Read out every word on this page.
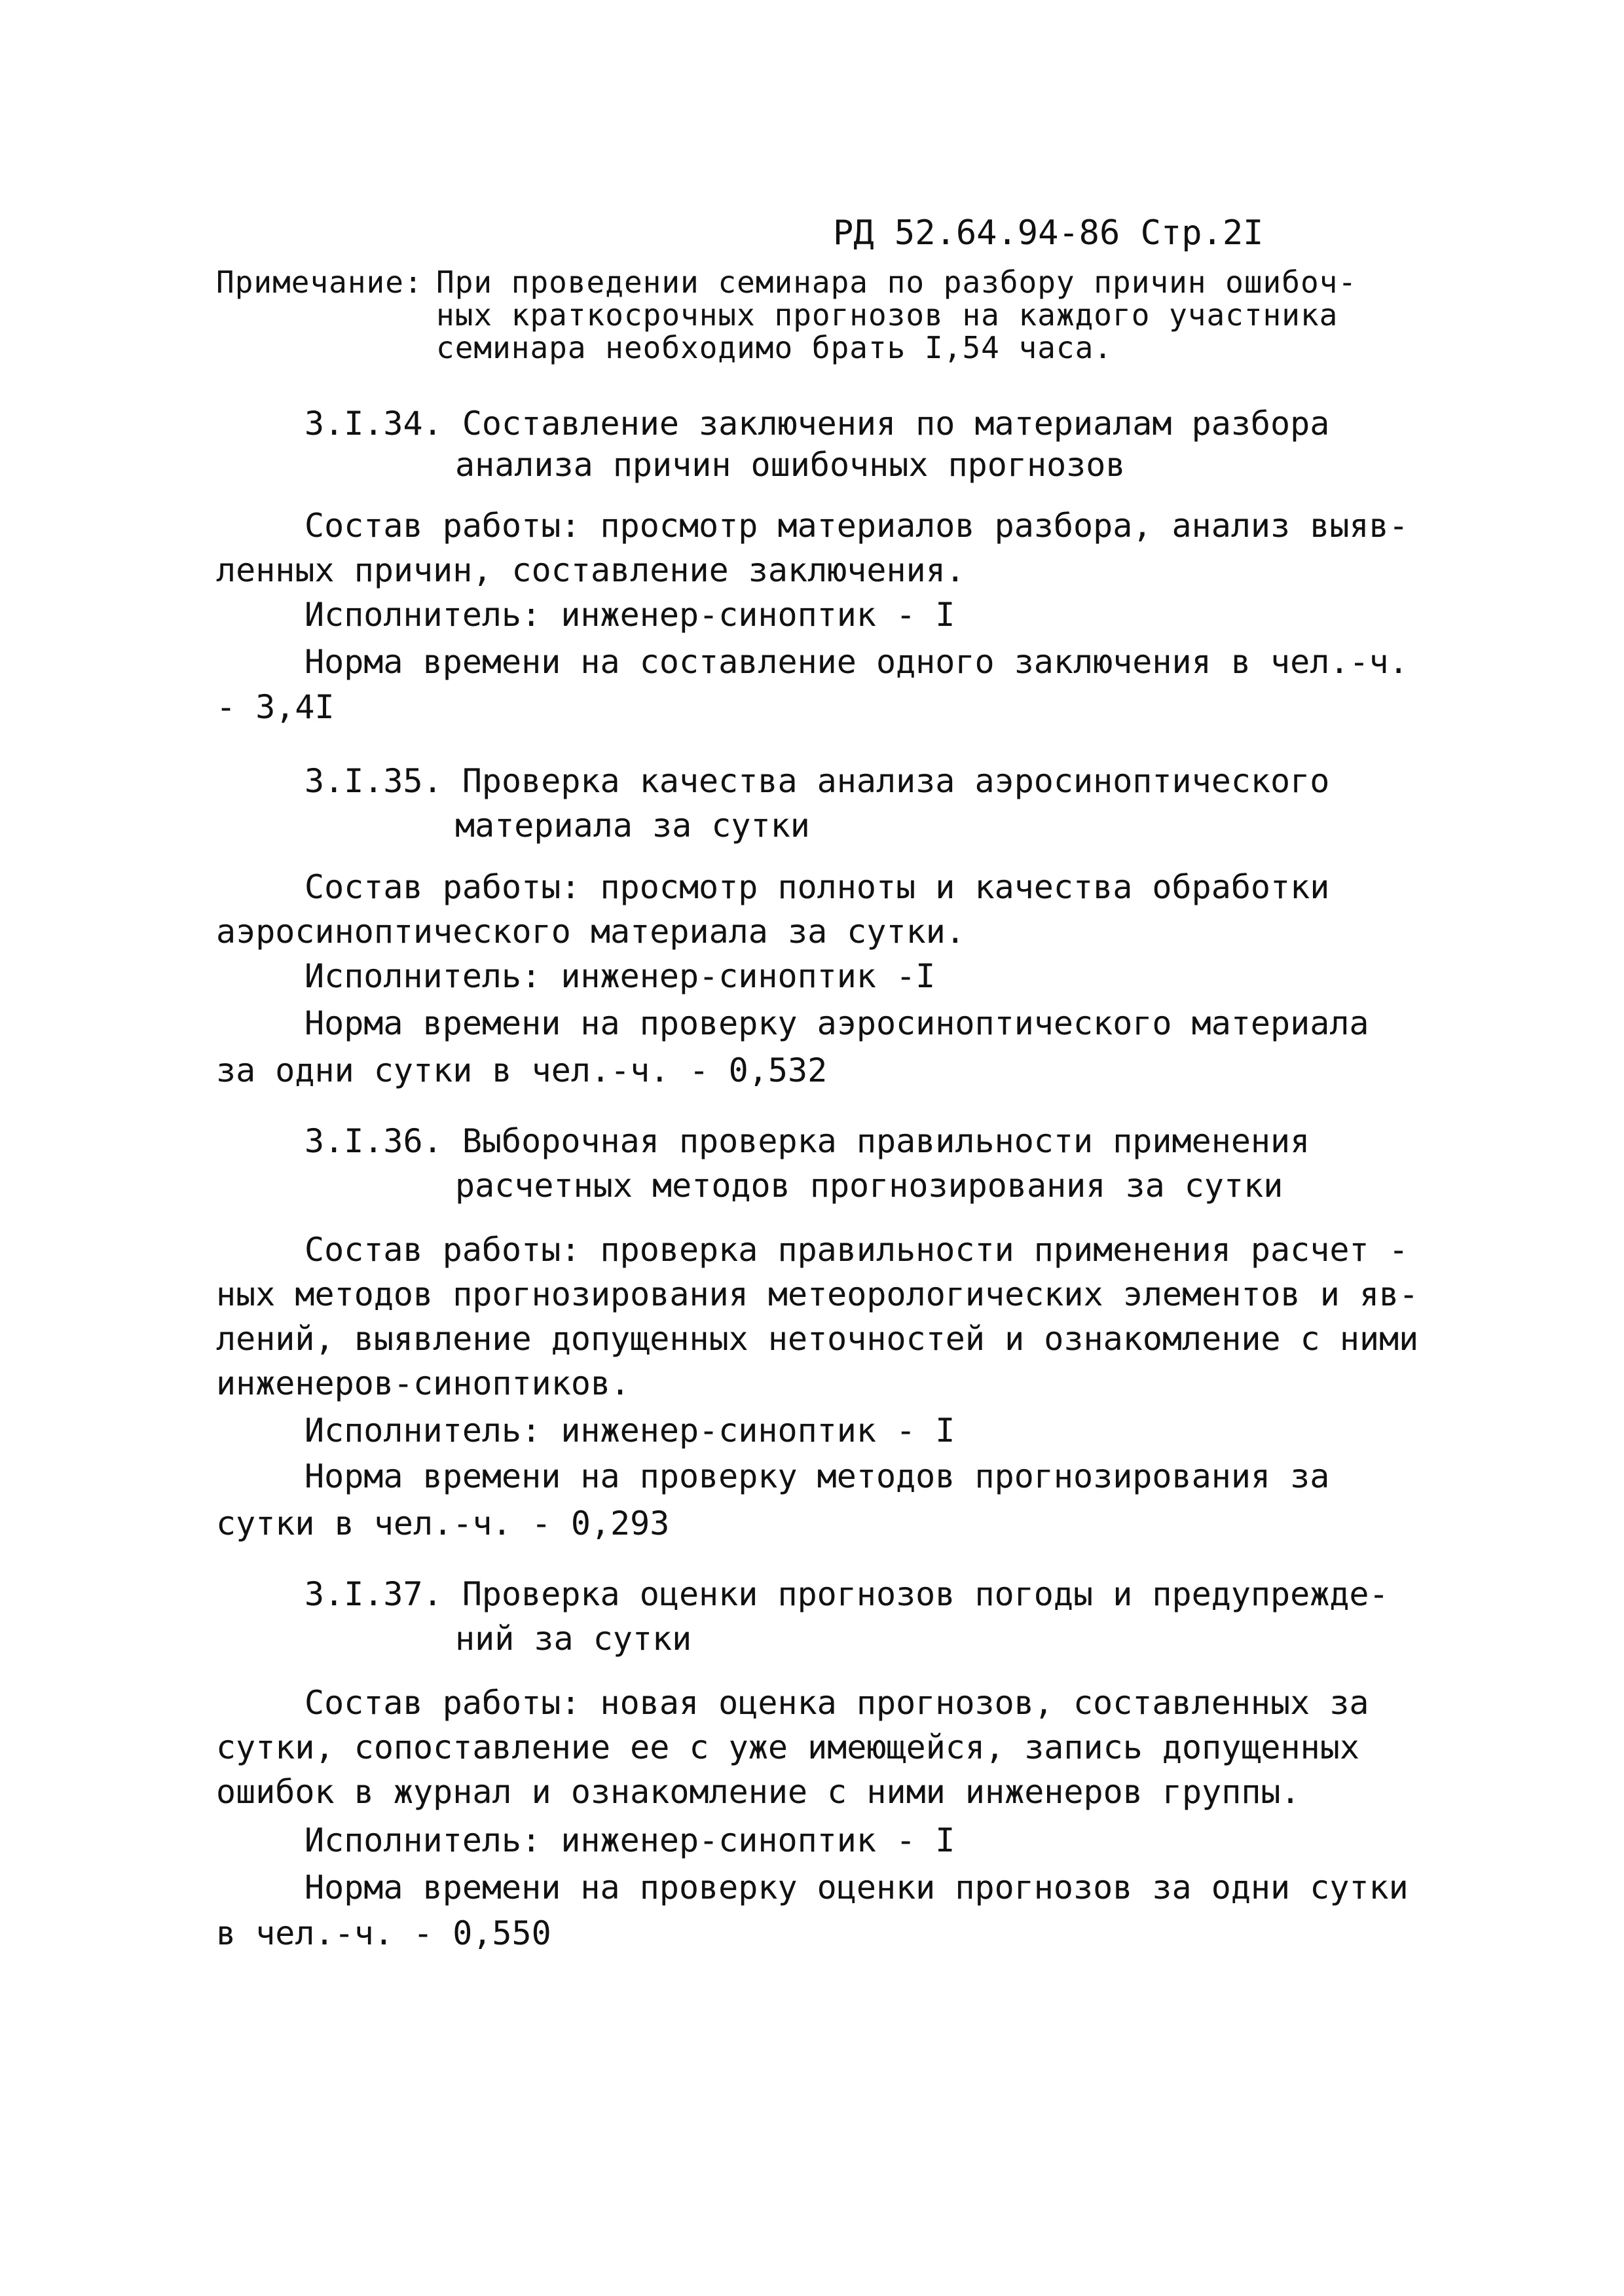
РД 52.64.94-86 Стр.2I
Примечание: При проведении семинара по разбору причин ошибоч-
ных краткосрочных прогнозов на каждого участника
семинара необходимо брать I,54 часа.
3.I.34. Составление заключения по материалам разбора
анализа причин ошибочных прогнозов
Состав работы: просмотр материалов разбора, анализ выяв-
ленных причин, составление заключения.
Исполнитель: инженер-синоптик - I
Норма времени на составление одного заключения в чел.-ч.
- 3,4I
3.I.35. Проверка качества анализа аэросиноптического
материала за сутки
Состав работы: просмотр полноты и качества обработки
аэросиноптического материала за сутки.
Исполнитель: инженер-синоптик -I
Норма времени на проверку аэросиноптического материала
за одни сутки в чел.-ч. - 0,532
3.I.36. Выборочная проверка правильности применения
расчетных методов прогнозирования за сутки
Состав работы: проверка правильности применения расчет -
ных методов прогнозирования метеорологических элементов и яв-
лений, выявление допущенных неточностей и ознакомление с ними
инженеров-синоптиков.
Исполнитель: инженер-синоптик - I
Норма времени на проверку методов прогнозирования за
сутки в чел.-ч. - 0,293
3.I.37. Проверка оценки прогнозов погоды и предупрежде-
ний за сутки
Состав работы: новая оценка прогнозов, составленных за
сутки, сопоставление ее с уже имеющейся, запись допущенных
ошибок в журнал и ознакомление с ними инженеров группы.
Исполнитель: инженер-синоптик - I
Норма времени на проверку оценки прогнозов за одни сутки
в чел.-ч. - 0,550
